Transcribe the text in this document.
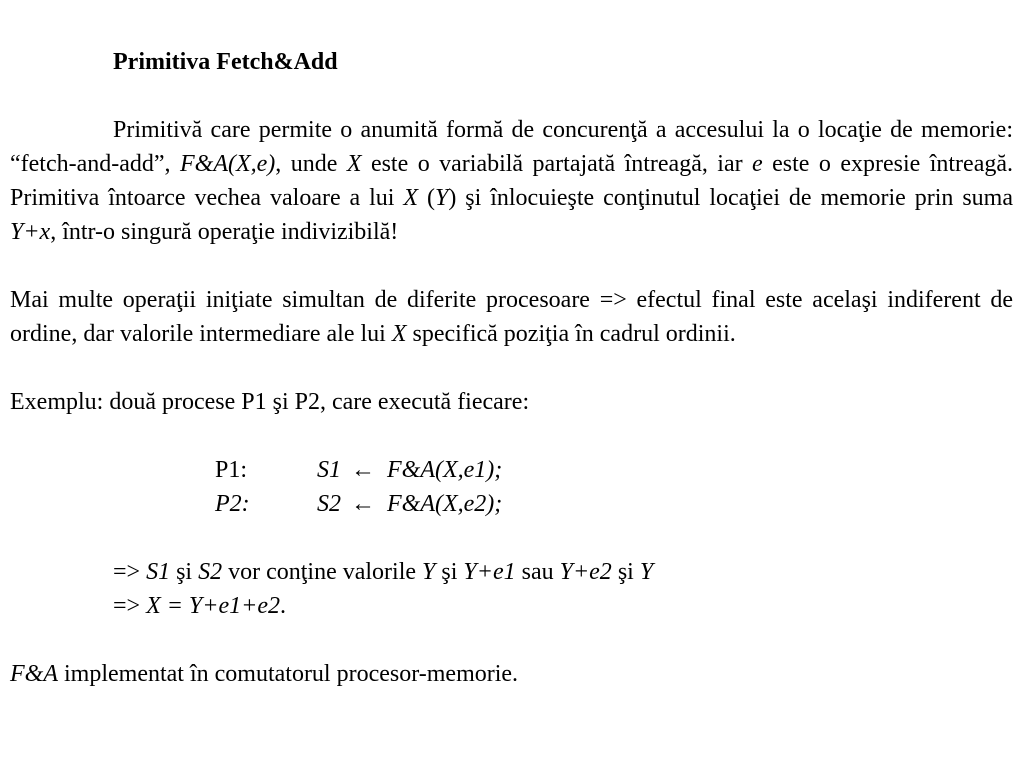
Primitiva Fetch&Add
Primitivă care permite o anumită formă de concurenţă a accesului la o locaţie de memorie: “fetch-and-add”, F&A(X,e), unde X este o variabilă partajată întreagă, iar e este o expresie întreagă. Primitiva întoarce vechea valoare a lui X (Y) şi înlocuieşte conţinutul locaţiei de memorie prin suma Y+x, într-o singură operaţie indivizibilă!
Mai multe operaţii iniţiate simultan de diferite procesoare => efectul final este acelaşi indiferent de ordine, dar valorile intermediare ale lui X specifică poziţia în cadrul ordinii.
Exemplu: două procese P1 şi P2, care execută fiecare:
P1:	S1 ← F&A(X,e1);
P2:	S2 ← F&A(X,e2);
=> S1 şi S2 vor conţine valorile Y şi Y+e1 sau Y+e2 şi Y
=> X = Y+e1+e2.
F&A implementat în comutatorul procesor-memorie.
